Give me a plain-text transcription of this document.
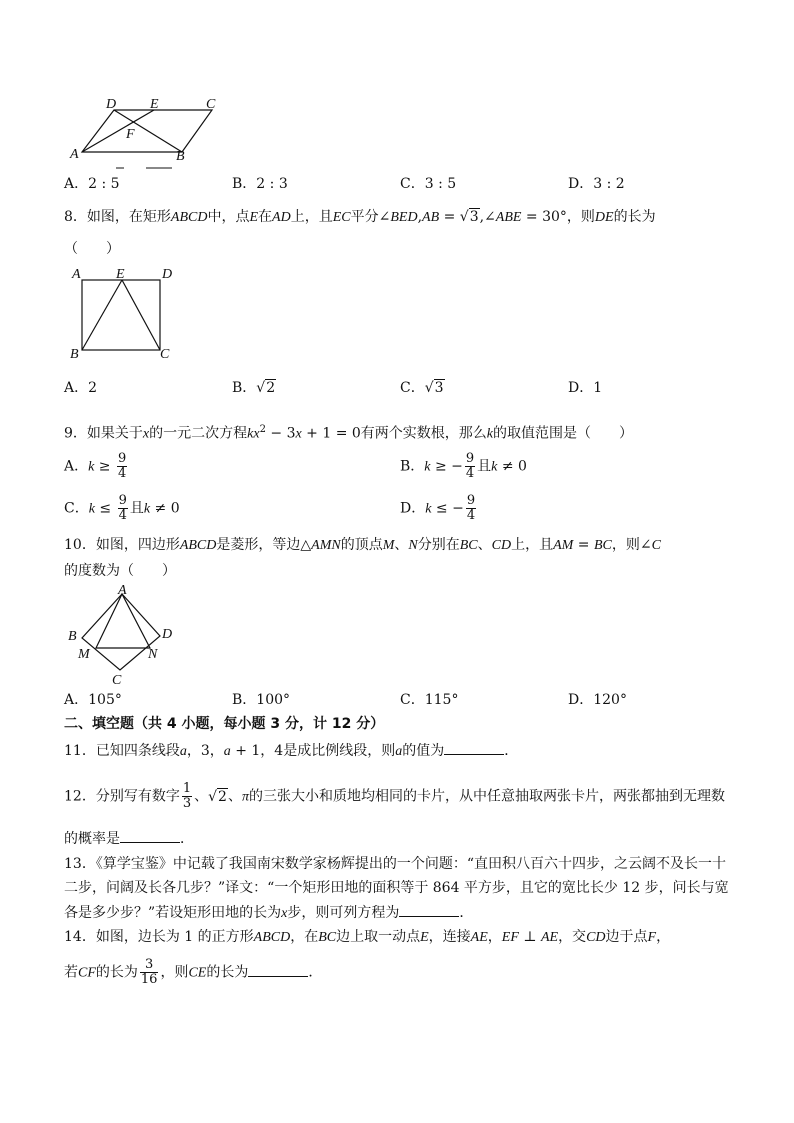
D E	C
F
A	B
A．2 : 5	B．2 : 3	C．3 : 5	D．3 : 2
8．如图，在矩形ABCD中，点E在AD上，且EC平分∠BED,AB = √3,∠ABE = 30°，则DE的长为
（　　）
A	E	D
B	C
A．2	B．√2	C．√3	D．1
9．如果关于x的一元二次方程$kx^2 - 3x + 1 = 0$有两个实数根，那么k的取值范围是（　　）
A．$k \ge \frac{9}{4}$	B．k ≥ − $\frac{9}{4}$ 且k ≠ 0
C．$k \le \frac{9}{4}$ 且k ≠ 0	D．k ≤ − $\frac{9}{4}$
10．如图，四边形ABCD是菱形，等边△AMN的顶点M、N分别在BC、CD上，且AM = BC，则∠C
的度数为（　　）
A
B	D
M	N
C
A．105°	B．100°	C．115°	D．120°
二、填空题（共 4 小题，每小题 3 分，计 12 分）
11．已知四条线段a，3，a + 1，4是成比例线段，则a的值为	．
12．分别写有数字 $\frac{1}{3}$ 、√2、π的三张大小和质地均相同的卡片，从中任意抽取两张卡片，两张都抽到无理数
的概率是	．
13．《算学宝鉴》中记载了我国南宋数学家杨辉提出的一个问题：“直田积八百六十四步，之云阔不及长一十
二步，问阔及长各几步？”译文：“一个矩形田地的面积等于 864 平方步，且它的宽比长少 12 步，问长与宽
各是多少步？”若设矩形田地的长为x步，则可列方程为	．
14．如图，边长为 1 的正方形ABCD，在BC边上取一动点E，连接AE，EF ⊥ AE，交CD边于点F，
若CF的长为 $\frac{3}{16}$ ，则CE的长为	．
